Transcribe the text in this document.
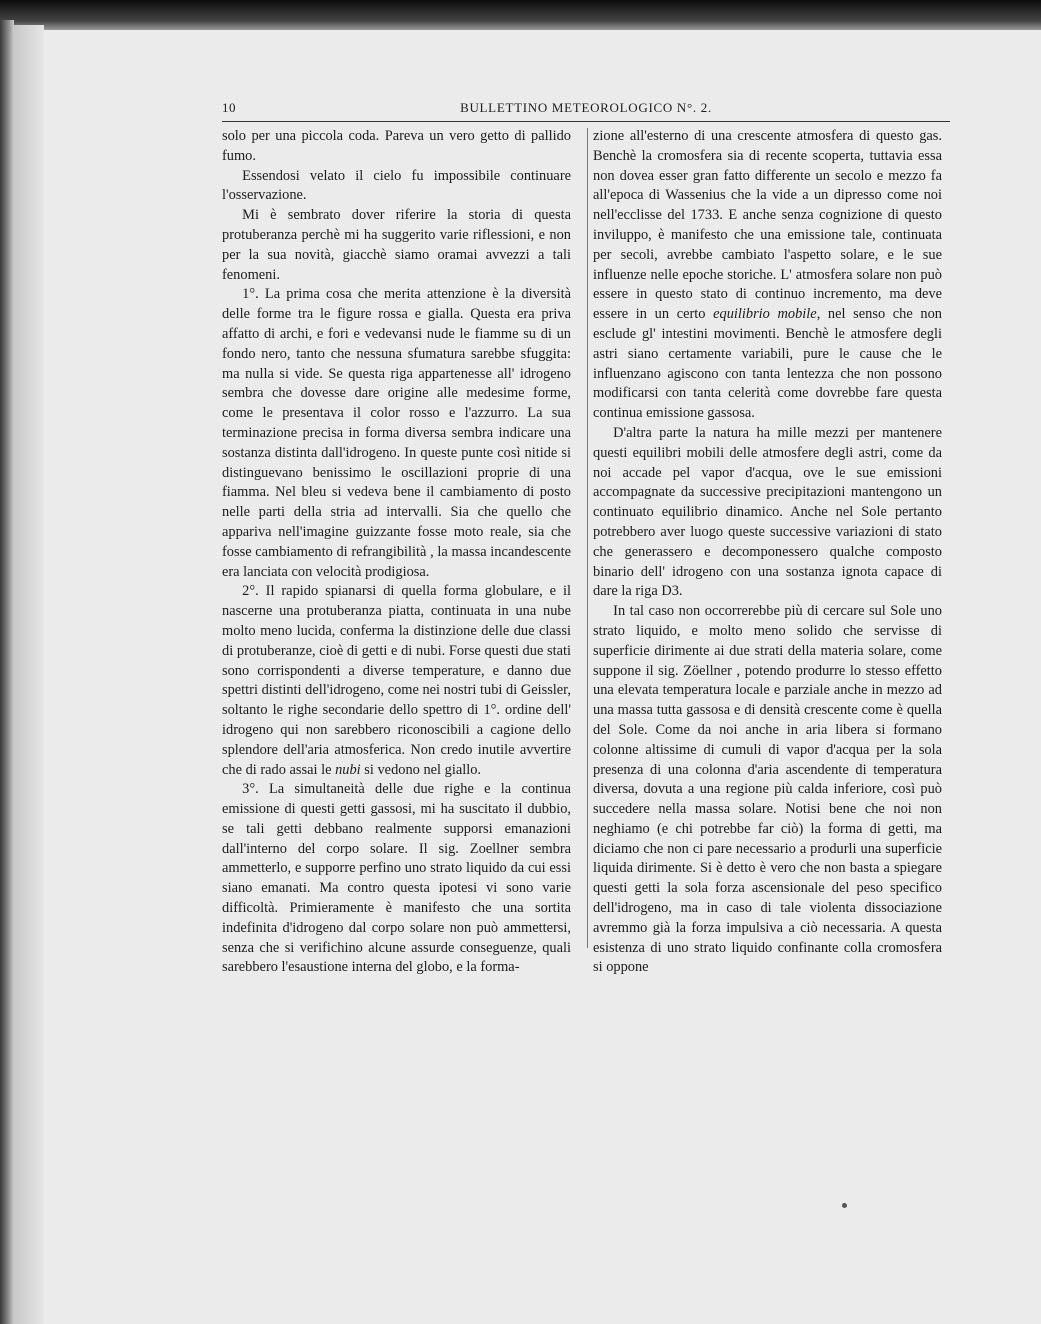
10	BULLETTINO METEOROLOGICO N°. 2.

solo per una piccola coda. Pareva un vero getto di pallido fumo.

Essendosi velato il cielo fu impossibile continuare l'osservazione.

Mi è sembrato dover riferire la storia di questa protuberanza perchè mi ha suggerito varie riflessioni, e non per la sua novità, giacchè siamo oramai avvezzi a tali fenomeni.

1°. La prima cosa che merita attenzione è la diversità delle forme tra le figure rossa e gialla. Questa era priva affatto di archi, e fori e vedevansi nude le fiamme su di un fondo nero, tanto che nessuna sfumatura sarebbe sfuggita: ma nulla si vide. Se questa riga appartenesse all' idrogeno sembra che dovesse dare origine alle medesime forme, come le presentava il color rosso e l'azzurro. La sua terminazione precisa in forma diversa sembra indicare una sostanza distinta dall'idrogeno. In queste punte così nitide si distinguevano benissimo le oscillazioni proprie di una fiamma. Nel bleu si vedeva bene il cambiamento di posto nelle parti della stria ad intervalli. Sia che quello che appariva nell'imagine guizzante fosse moto reale, sia che fosse cambiamento di refrangibilità , la massa incandescente era lanciata con velocità prodigiosa.

2°. Il rapido spianarsi di quella forma globulare, e il nascerne una protuberanza piatta, continuata in una nube molto meno lucida, conferma la distinzione delle due classi di protuberanze, cioè di getti e di nubi. Forse questi due stati sono corrispondenti a diverse temperature, e danno due spettri distinti dell'idrogeno, come nei nostri tubi di Geissler, soltanto le righe secondarie dello spettro di 1°. ordine dell' idrogeno qui non sarebbero riconoscibili a cagione dello splendore dell'aria atmosferica. Non credo inutile avvertire che di rado assai le nubi si vedono nel giallo.

3°. La simultaneità delle due righe e la continua emissione di questi getti gassosi, mi ha suscitato il dubbio, se tali getti debbano realmente supporsi emanazioni dall'interno del corpo solare. Il sig. Zoellner sembra ammetterlo, e supporre perfino uno strato liquido da cui essi siano emanati. Ma contro questa ipotesi vi sono varie difficoltà. Primieramente è manifesto che una sortita indefinita d'idrogeno dal corpo solare non può ammettersi, senza che si verifichino alcune assurde conseguenze, quali sarebbero l'esaustione interna del globo, e la forma-

zione all'esterno di una crescente atmosfera di questo gas. Benchè la cromosfera sia di recente scoperta, tuttavia essa non dovea esser gran fatto differente un secolo e mezzo fa all'epoca di Wassenius che la vide a un dipresso come noi nell'ecclisse del 1733. E anche senza cognizione di questo inviluppo, è manifesto che una emissione tale, continuata per secoli, avrebbe cambiato l'aspetto solare, e le sue influenze nelle epoche storiche. L' atmosfera solare non può essere in questo stato di continuo incremento, ma deve essere in un certo equilibrio mobile, nel senso che non esclude gl' intestini movimenti. Benchè le atmosfere degli astri siano certamente variabili, pure le cause che le influenzano agiscono con tanta lentezza che non possono modificarsi con tanta celerità come dovrebbe fare questa continua emissione gassosa.

D'altra parte la natura ha mille mezzi per mantenere questi equilibri mobili delle atmosfere degli astri, come da noi accade pel vapor d'acqua, ove le sue emissioni accompagnate da successive precipitazioni mantengono un continuato equilibrio dinamico. Anche nel Sole pertanto potrebbero aver luogo queste successive variazioni di stato che generassero e decomponessero qualche composto binario dell' idrogeno con una sostanza ignota capace di dare la riga D3.

In tal caso non occorrerebbe più di cercare sul Sole uno strato liquido, e molto meno solido che servisse di superficie dirimente ai due strati della materia solare, come suppone il sig. Zöellner , potendo produrre lo stesso effetto una elevata temperatura locale e parziale anche in mezzo ad una massa tutta gassosa e di densità crescente come è quella del Sole. Come da noi anche in aria libera si formano colonne altissime di cumuli di vapor d'acqua per la sola presenza di una colonna d'aria ascendente di temperatura diversa, dovuta a una regione più calda inferiore, così può succedere nella massa solare. Notisi bene che noi non neghiamo (e chi potrebbe far ciò) la forma di getti, ma diciamo che non ci pare necessario a produrli una superficie liquida dirimente. Si è detto è vero che non basta a spiegare questi getti la sola forza ascensionale del peso specifico dell'idrogeno, ma in caso di tale violenta dissociazione avremmo già la forza impulsiva a ciò necessaria. A questa esistenza di uno strato liquido confinante colla cromosfera si oppone
